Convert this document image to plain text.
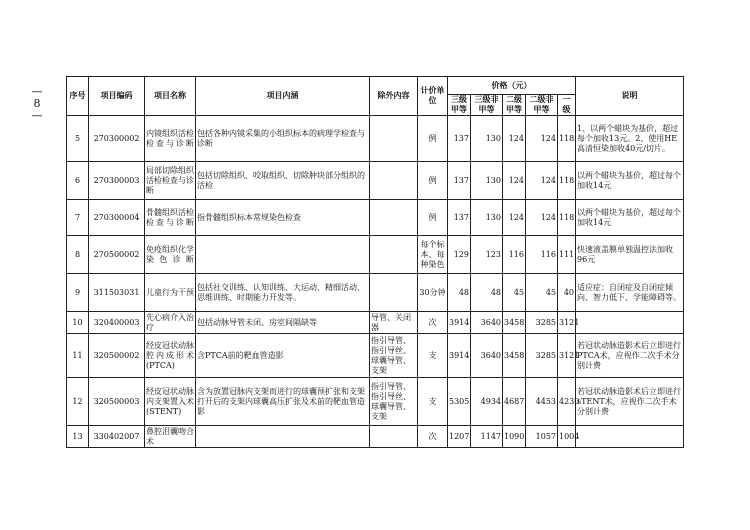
—
8
—
序号	项目编码	项目名称	项目内涵	除外内容	计价单位	价格（元）					说明
						三级甲等	三级非甲等	二级甲等	二级非甲等	一级	
5	270300002	内镜组织活检检查与诊断	包括各种内镜采集的小组织标本的病理学检查与诊断		例	137	130	124	124	118	1、以两个蜡块为基价，超过每个加收13元。2、使用HE高清恒染加收40元/切片。
6	270300003	局部切除组织活检检查与诊断	包括切除组织、咬取组织、切除肿块部分组织的活检		例	137	130	124	124	118	以两个蜡块为基价，超过每个加收14元
7	270300004	骨髓组织活检检查与诊断	指骨髓组织标本常规染色检查		例	137	130	124	124	118	以两个蜡块为基价，超过每个加收14元
8	270500002	免疫组织化学染色诊断			每个标本、每种染色	129	123	116	116	111	快速液盖膜单独温控法加收96元
9	311503031	儿童行为干预	包括社交训练、认知训练、大运动、精细活动、思维训练、时期能力开发等。		30分钟	48	48	45	45	40	适应症：自闭症及自闭症倾向、智力低下、学能障碍等。
10	320400003	先心病介入治疗	包括动脉导管未闭、房室间隔缺等	导管、关闭器	次	3914	3640	3458	3285	3121	
11	320500002	经皮冠状动脉腔内成形术(PTCA)	含PTCA前的靶血管造影	指引导管、指引导丝、球囊导管、支架	支	3914	3640	3458	3285	3121	若冠状动脉造影术后立即进行PTCA术，应视作二次手术分别计费
12	320500003	经皮冠状动脉内支架置入术(STENT)	含为放置冠脉内支架而进行的球囊预扩张和支架打开后的支架内球囊高压扩张及术前的靶血管造影	指引导管、指引导丝、球囊导管、支架	支	5305	4934	4687	4453	4230	若冠状动脉造影术后立即进行sTENT术，应视作二次手术分别计费
13	330402007	鼻腔泪囊吻合术			次	1207	1147	1090	1057	1004	
